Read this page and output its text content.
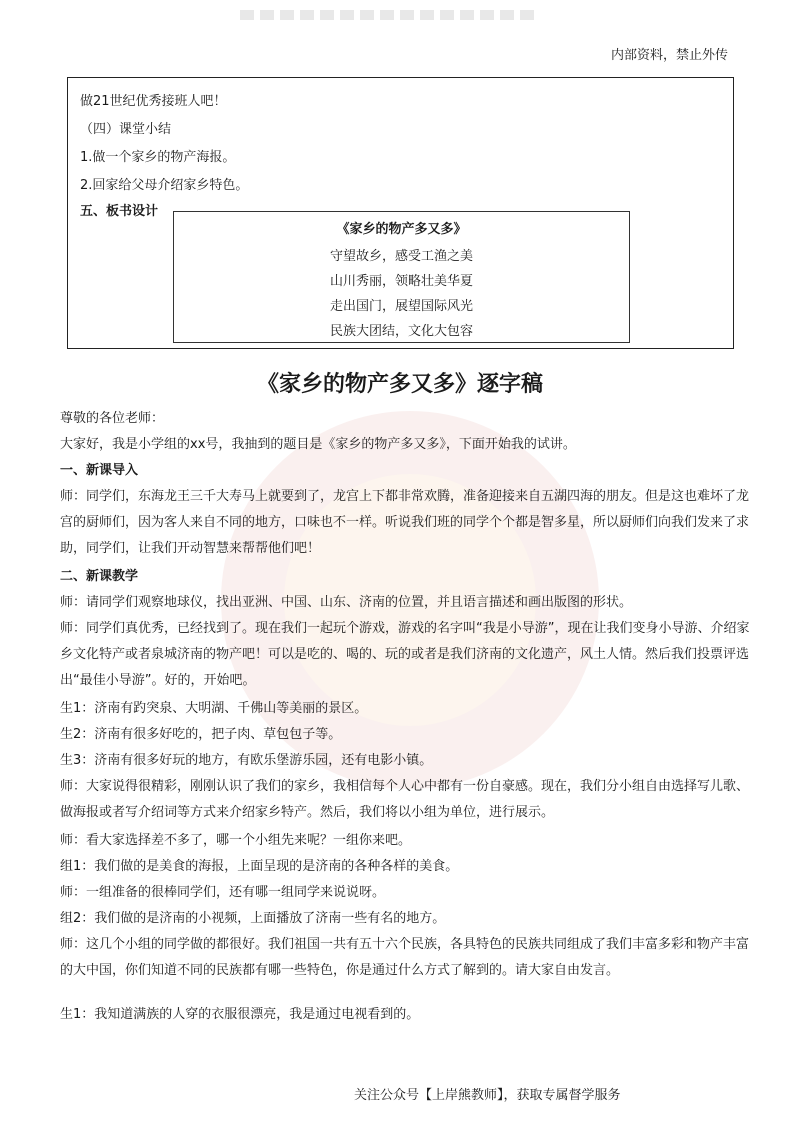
内部资料，禁止外传
做21世纪优秀接班人吧！
（四）课堂小结
1.做一个家乡的物产海报。
2.回家给父母介绍家乡特色。
五、板书设计
《家乡的物产多又多》
守望故乡，感受工渔之美
山川秀丽，领略壮美华夏
走出国门，展望国际风光
民族大团结，文化大包容
《家乡的物产多又多》逐字稿

尊敬的各位老师：

大家好，我是小学组的xx号，我抽到的题目是《家乡的物产多又多》，下面开始我的试讲。

一、新课导入

师：同学们，东海龙王三千大寿马上就要到了，龙宫上下都非常欢腾，准备迎接来自五湖四海的朋友。但是这也难坏了龙宫的厨师们，因为客人来自不同的地方，口味也不一样。听说我们班的同学个个都是智多星，所以厨师们向我们发来了求助，同学们，让我们开动智慧来帮帮他们吧！

二、新课教学

师：请同学们观察地球仪，找出亚洲、中国、山东、济南的位置，并且语言描述和画出版图的形状。

师：同学们真优秀，已经找到了。现在我们一起玩个游戏，游戏的名字叫“我是小导游”，现在让我们变身小导游、介绍家乡文化特产或者泉城济南的物产吧！可以是吃的、喝的、玩的或者是我们济南的文化遗产，风土人情。然后我们投票评选出“最佳小导游”。好的，开始吧。

生1：济南有趵突泉、大明湖、千佛山等美丽的景区。

生2：济南有很多好吃的，把子肉、草包包子等。

生3：济南有很多好玩的地方，有欧乐堡游乐园，还有电影小镇。

师：大家说得很精彩，刚刚认识了我们的家乡，我相信每个人心中都有一份自豪感。现在，我们分小组自由选择写儿歌、做海报或者写介绍词等方式来介绍家乡特产。然后，我们将以小组为单位，进行展示。

师：看大家选择差不多了，哪一个小组先来呢？一组你来吧。

组1：我们做的是美食的海报，上面呈现的是济南的各种各样的美食。

师：一组准备的很棒同学们，还有哪一组同学来说说呀。

组2：我们做的是济南的小视频，上面播放了济南一些有名的地方。

师：这几个小组的同学做的都很好。我们祖国一共有五十六个民族，各具特色的民族共同组成了我们丰富多彩和物产丰富的大中国，你们知道不同的民族都有哪一些特色，你是通过什么方式了解到的。请大家自由发言。

生1：我知道满族的人穿的衣服很漂亮，我是通过电视看到的。

关注公众号【上岸熊教师】，获取专属督学服务
